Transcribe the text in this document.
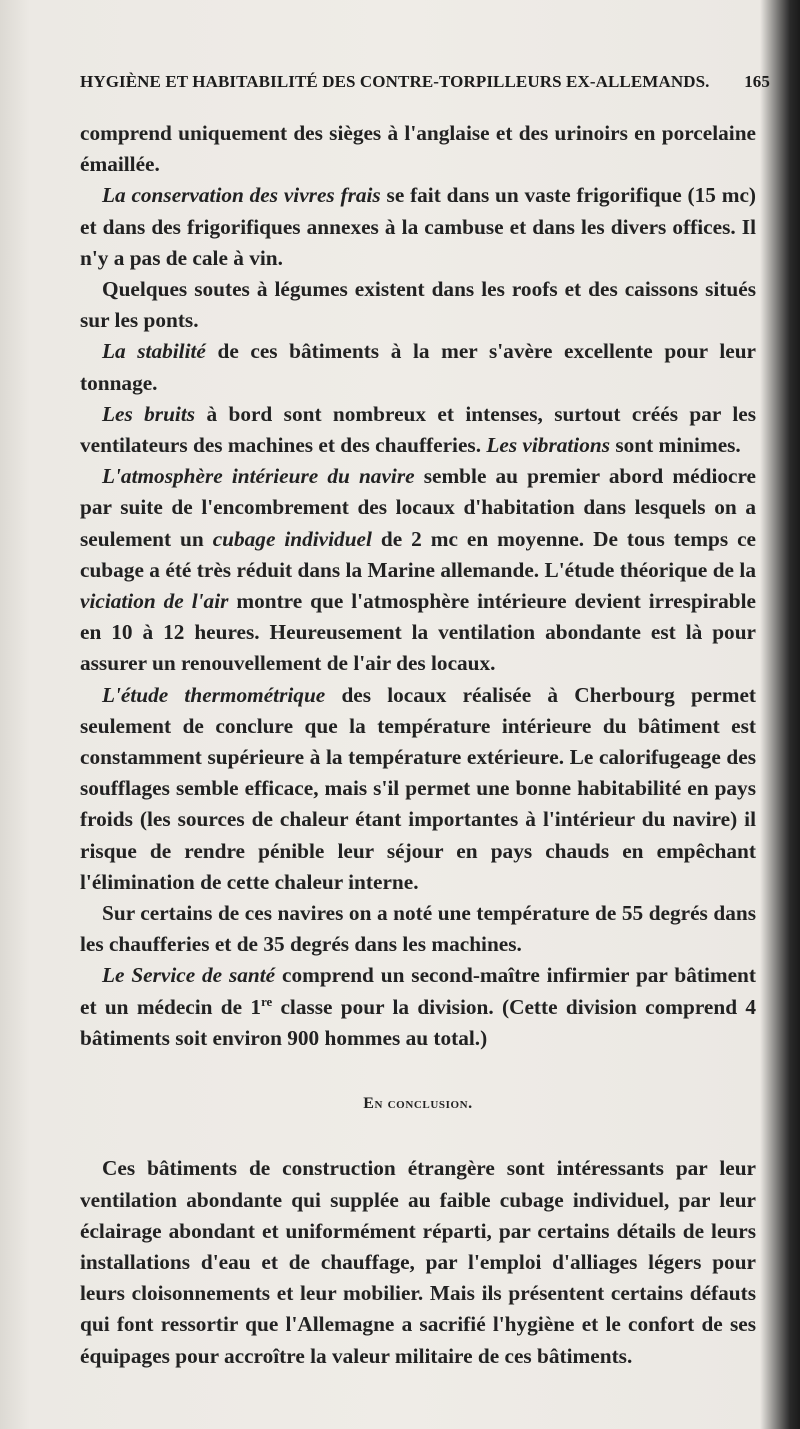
HYGIÈNE ET HABITABILITÉ DES CONTRE-TORPILLEURS EX-ALLEMANDS. 165

comprend uniquement des sièges à l'anglaise et des urinoirs en porcelaine émaillée.

La conservation des vivres frais se fait dans un vaste frigorifique (15 mc) et dans des frigorifiques annexes à la cambuse et dans les divers offices. Il n'y a pas de cale à vin.

Quelques soutes à légumes existent dans les roofs et des caissons situés sur les ponts.

La stabilité de ces bâtiments à la mer s'avère excellente pour leur tonnage.

Les bruits à bord sont nombreux et intenses, surtout créés par les ventilateurs des machines et des chaufferies. Les vibrations sont minimes.

L'atmosphère intérieure du navire semble au premier abord médiocre par suite de l'encombrement des locaux d'habitation dans lesquels on a seulement un cubage individuel de 2 mc en moyenne. De tous temps ce cubage a été très réduit dans la Marine allemande. L'étude théorique de la viciation de l'air montre que l'atmosphère intérieure devient irrespirable en 10 à 12 heures. Heureusement la ventilation abondante est là pour assurer un renouvellement de l'air des locaux.

L'étude thermométrique des locaux réalisée à Cherbourg permet seulement de conclure que la température intérieure du bâtiment est constamment supérieure à la température extérieure. Le calorifugeage des soufflages semble efficace, mais s'il permet une bonne habitabilité en pays froids (les sources de chaleur étant importantes à l'intérieur du navire) il risque de rendre pénible leur séjour en pays chauds en empêchant l'élimination de cette chaleur interne.

Sur certains de ces navires on a noté une température de 55 degrés dans les chaufferies et de 35 degrés dans les machines.

Le Service de santé comprend un second-maître infirmier par bâtiment et un médecin de 1re classe pour la division. (Cette division comprend 4 bâtiments soit environ 900 hommes au total.)

En conclusion.

Ces bâtiments de construction étrangère sont intéressants par leur ventilation abondante qui supplée au faible cubage individuel, par leur éclairage abondant et uniformément réparti, par certains détails de leurs installations d'eau et de chauffage, par l'emploi d'alliages légers pour leurs cloisonnements et leur mobilier. Mais ils présentent certains défauts qui font ressortir que l'Allemagne a sacrifié l'hygiène et le confort de ses équipages pour accroître la valeur militaire de ces bâtiments.
